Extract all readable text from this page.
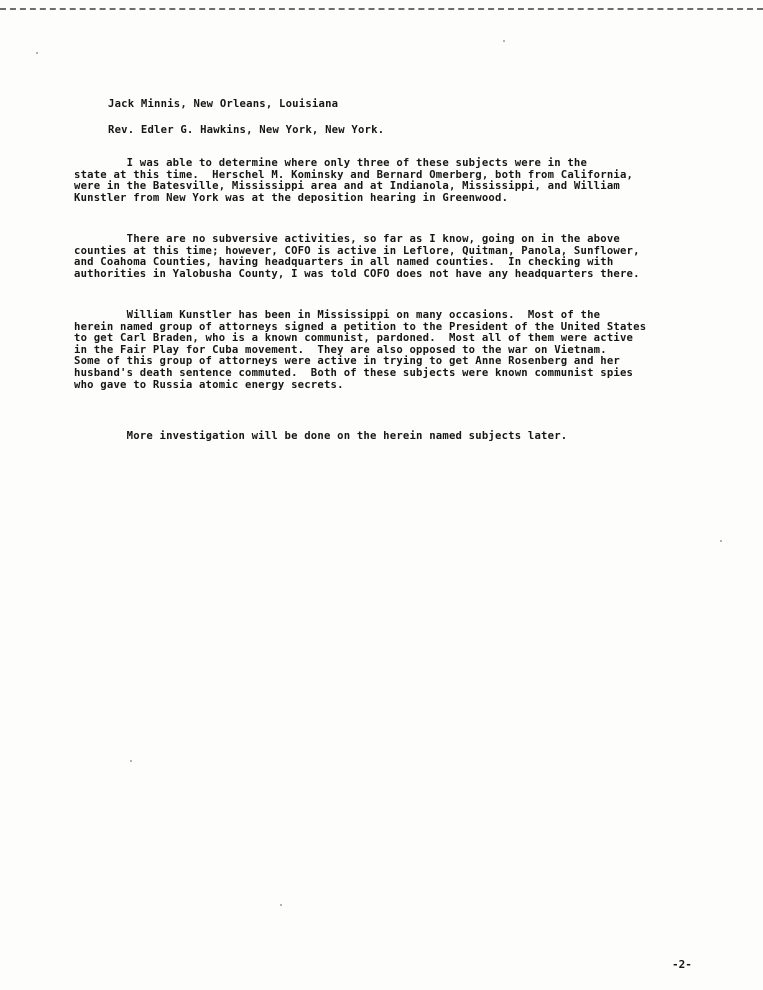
Jack Minnis, New Orleans, Louisiana
Rev. Edler G. Hawkins, New York, New York.
I was able to determine where only three of these subjects were in the
state at this time.  Herschel M. Kominsky and Bernard Omerberg, both from California,
were in the Batesville, Mississippi area and at Indianola, Mississippi, and William
Kunstler from New York was at the deposition hearing in Greenwood.
There are no subversive activities, so far as I know, going on in the above
counties at this time; however, COFO is active in Leflore, Quitman, Panola, Sunflower,
and Coahoma Counties, having headquarters in all named counties.  In checking with
authorities in Yalobusha County, I was told COFO does not have any headquarters there.
William Kunstler has been in Mississippi on many occasions.  Most of the
herein named group of attorneys signed a petition to the President of the United States
to get Carl Braden, who is a known communist, pardoned.  Most all of them were active
in the Fair Play for Cuba movement.  They are also opposed to the war on Vietnam.
Some of this group of attorneys were active in trying to get Anne Rosenberg and her
husband's death sentence commuted.  Both of these subjects were known communist spies
who gave to Russia atomic energy secrets.
More investigation will be done on the herein named subjects later.
-2-
